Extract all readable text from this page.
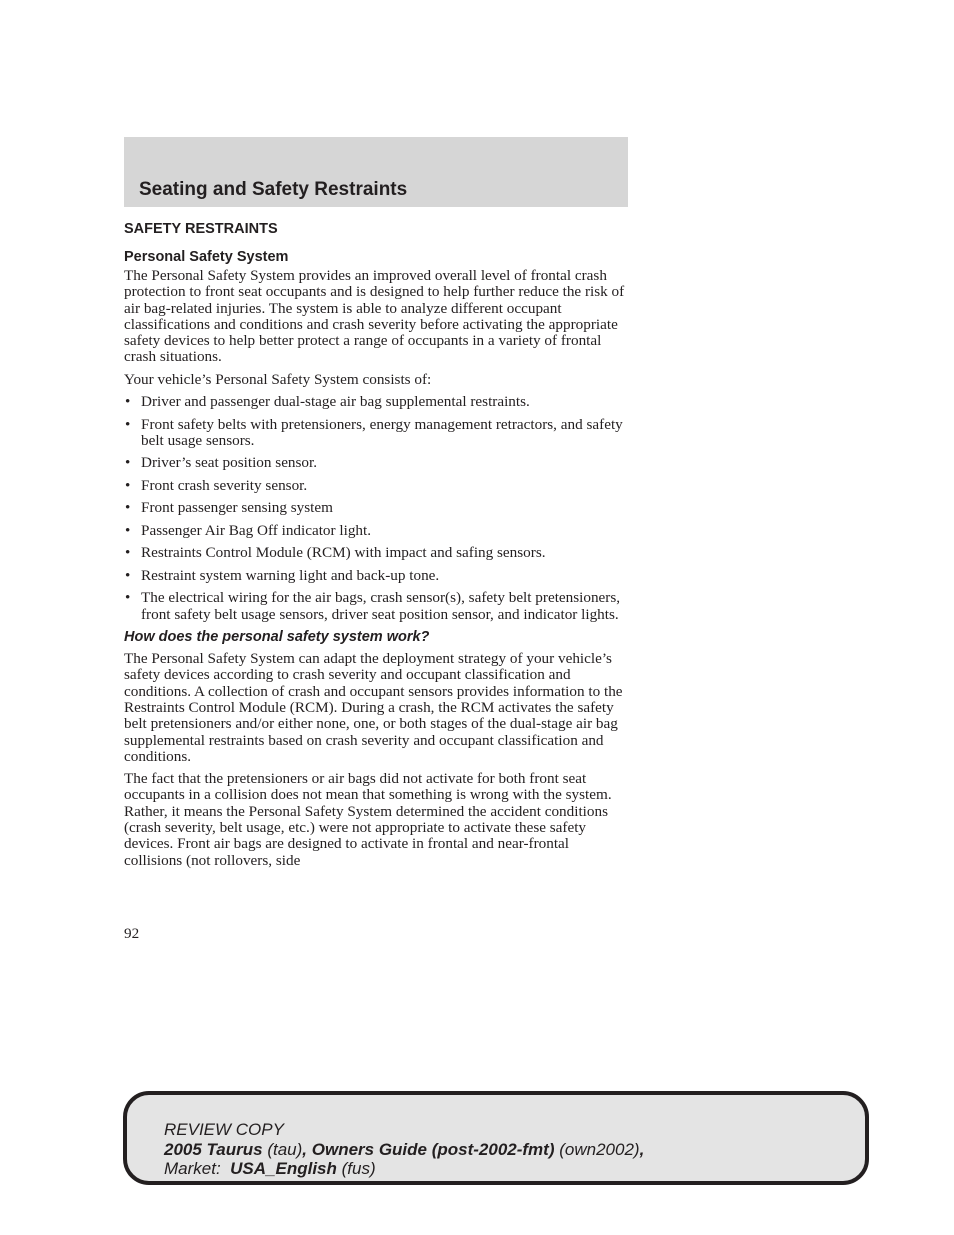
Seating and Safety Restraints
SAFETY RESTRAINTS
Personal Safety System

The Personal Safety System provides an improved overall level of frontal crash protection to front seat occupants and is designed to help further reduce the risk of air bag-related injuries. The system is able to analyze different occupant classifications and conditions and crash severity before activating the appropriate safety devices to help better protect a range of occupants in a variety of frontal crash situations.

Your vehicle’s Personal Safety System consists of:

• Driver and passenger dual-stage air bag supplemental restraints.
• Front safety belts with pretensioners, energy management retractors, and safety belt usage sensors.
• Driver’s seat position sensor.
• Front crash severity sensor.
• Front passenger sensing system
• Passenger Air Bag Off indicator light.
• Restraints Control Module (RCM) with impact and safing sensors.
• Restraint system warning light and back-up tone.
• The electrical wiring for the air bags, crash sensor(s), safety belt pretensioners, front safety belt usage sensors, driver seat position sensor, and indicator lights.
How does the personal safety system work?

The Personal Safety System can adapt the deployment strategy of your vehicle’s safety devices according to crash severity and occupant classification and conditions. A collection of crash and occupant sensors provides information to the Restraints Control Module (RCM). During a crash, the RCM activates the safety belt pretensioners and/or either none, one, or both stages of the dual-stage air bag supplemental restraints based on crash severity and occupant classification and conditions.

The fact that the pretensioners or air bags did not activate for both front seat occupants in a collision does not mean that something is wrong with the system. Rather, it means the Personal Safety System determined the accident conditions (crash severity, belt usage, etc.) were not appropriate to activate these safety devices. Front air bags are designed to activate in frontal and near-frontal collisions (not rollovers, side

92
REVIEW COPY
2005 Taurus (tau), Owners Guide (post-2002-fmt) (own2002),
Market: USA_English (fus)
